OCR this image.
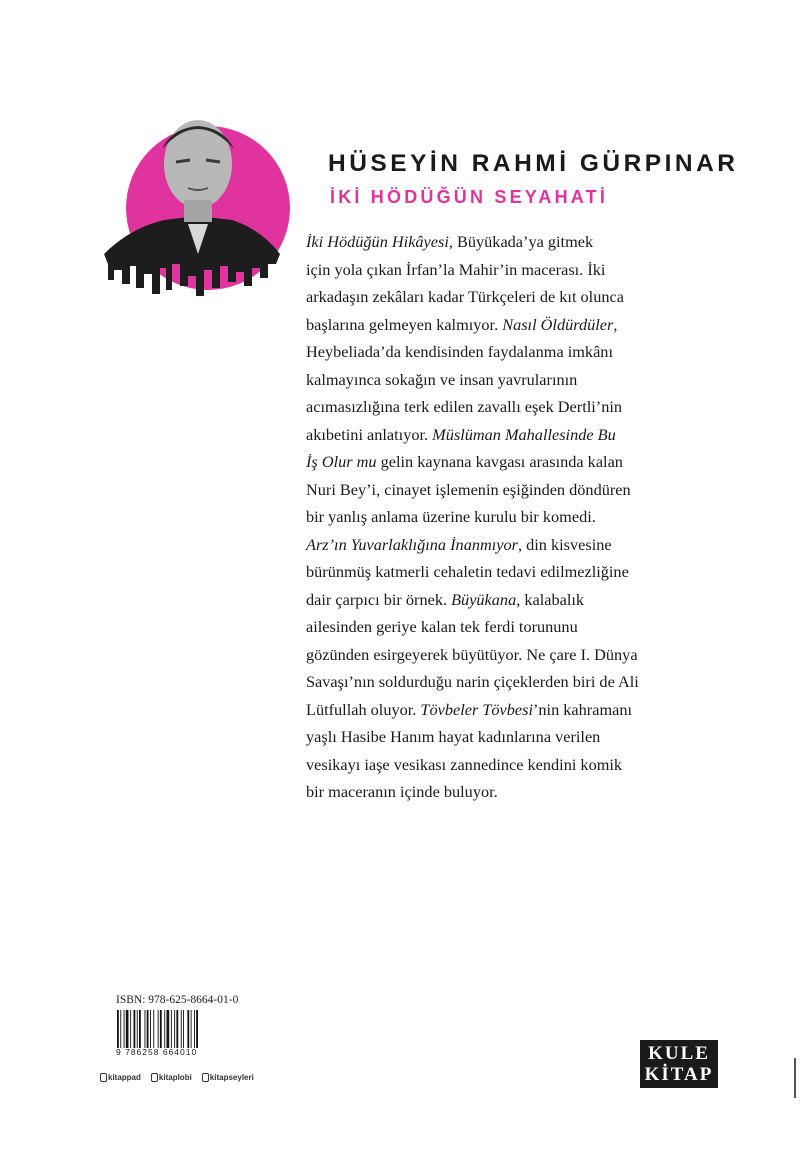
HÜSEYİN RAHMİ GÜRPINAR
İKİ HÖDÜĞÜN SEYAHATİ

İki Hödüğün Hikâyesi, Büyükada’ya gitmek
için yola çıkan İrfan’la Mahir’in macerası. İki
arkadaşın zekâları kadar Türkçeleri de kıt olunca
başlarına gelmeyen kalmıyor. Nasıl Öldürdüler,
Heybeliada’da kendisinden faydalanma imkânı
kalmayınca sokağın ve insan yavrularının
acımasızlığına terk edilen zavallı eşek Dertli’nin
akıbetini anlatıyor. Müslüman Mahallesinde Bu
İş Olur mu gelin kaynana kavgası arasında kalan
Nuri Bey’i, cinayet işlemenin eşiğinden döndüren
bir yanlış anlama üzerine kurulu bir komedi.
Arz’ın Yuvarlaklığına İnanmıyor, din kisvesine
bürünmüş katmerli cehaletin tedavi edilmezliğine
dair çarpıcı bir örnek. Büyükana, kalabalık
ailesinden geriye kalan tek ferdi torununu
gözünden esirgeyerek büyütüyor. Ne çare I. Dünya
Savaşı’nın soldurduğu narin çiçeklerden biri de Ali
Lütfullah oluyor. Tövbeler Tövbesi’nin kahramanı
yaşlı Hasibe Hanım hayat kadınlarına verilen
vesikayı iaşe vesikası zannedince kendini komik
bir maceranın içinde buluyor.

ISBN: 978-625-8664-01-0
9 786258 664010
kitappad kitaplobi kitapseyleri
KULE
KİTAP
